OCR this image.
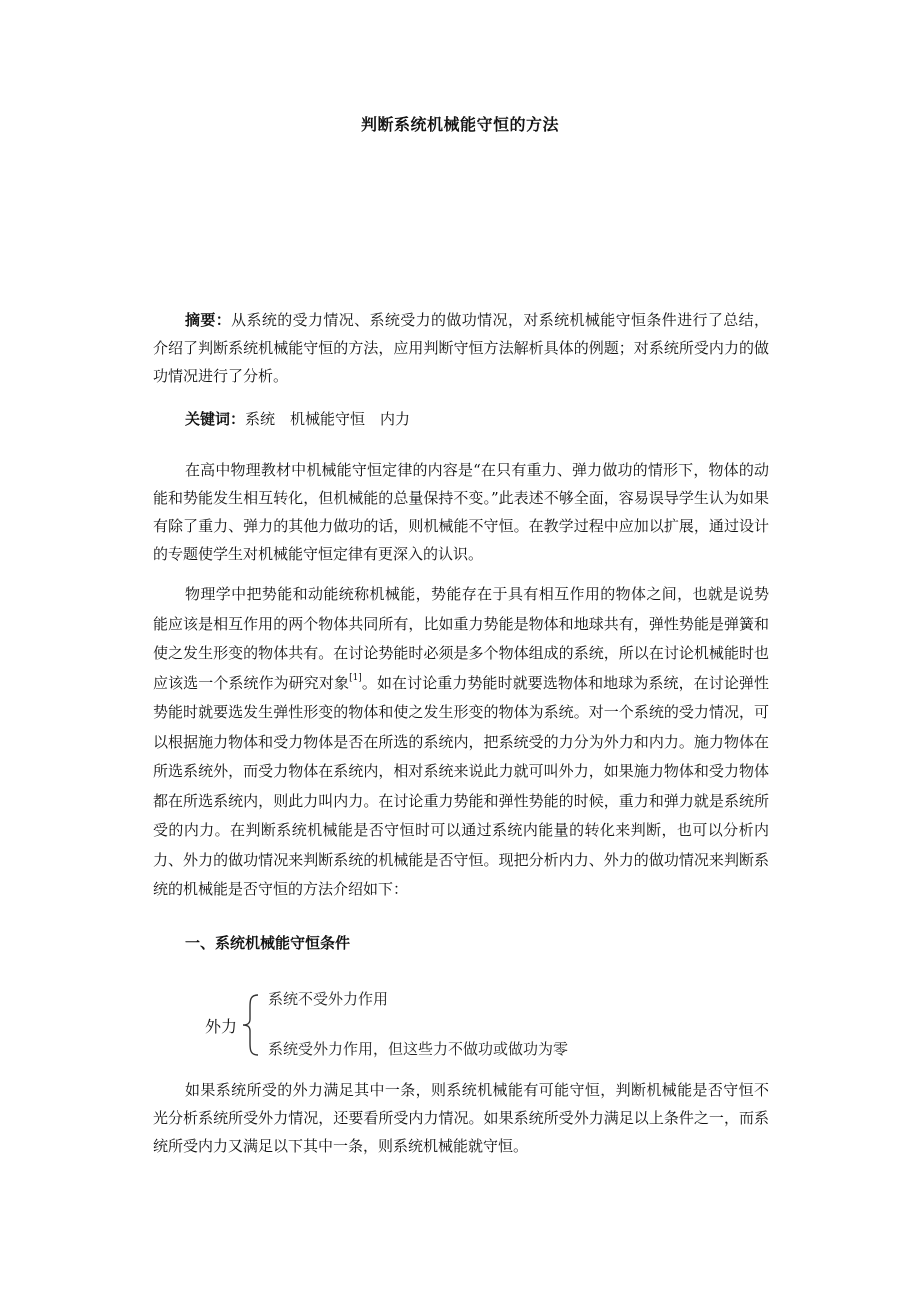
判断系统机械能守恒的方法

摘要：从系统的受力情况、系统受力的做功情况，对系统机械能守恒条件进行了总结，介绍了判断系统机械能守恒的方法，应用判断守恒方法解析具体的例题；对系统所受内力的做功情况进行了分析。

关键词：系统　机械能守恒　内力

在高中物理教材中机械能守恒定律的内容是“在只有重力、弹力做功的情形下，物体的动能和势能发生相互转化，但机械能的总量保持不变。”此表述不够全面，容易误导学生认为如果有除了重力、弹力的其他力做功的话，则机械能不守恒。在教学过程中应加以扩展，通过设计的专题使学生对机械能守恒定律有更深入的认识。

物理学中把势能和动能统称机械能，势能存在于具有相互作用的物体之间，也就是说势能应该是相互作用的两个物体共同所有，比如重力势能是物体和地球共有，弹性势能是弹簧和使之发生形变的物体共有。在讨论势能时必须是多个物体组成的系统，所以在讨论机械能时也应该选一个系统作为研究对象[1]。如在讨论重力势能时就要选物体和地球为系统，在讨论弹性势能时就要选发生弹性形变的物体和使之发生形变的物体为系统。对一个系统的受力情况，可以根据施力物体和受力物体是否在所选的系统内，把系统受的力分为外力和内力。施力物体在所选系统外，而受力物体在系统内，相对系统来说此力就可叫外力，如果施力物体和受力物体都在所选系统内，则此力叫内力。在讨论重力势能和弹性势能的时候，重力和弹力就是系统所受的内力。在判断系统机械能是否守恒时可以通过系统内能量的转化来判断，也可以分析内力、外力的做功情况来判断系统的机械能是否守恒。现把分析内力、外力的做功情况来判断系统的机械能是否守恒的方法介绍如下：

一、系统机械能守恒条件
外力
系统不受外力作用
系统受外力作用，但这些力不做功或做功为零

如果系统所受的外力满足其中一条，则系统机械能有可能守恒，判断机械能是否守恒不光分析系统所受外力情况，还要看所受内力情况。如果系统所受外力满足以上条件之一，而系统所受内力又满足以下其中一条，则系统机械能就守恒。
